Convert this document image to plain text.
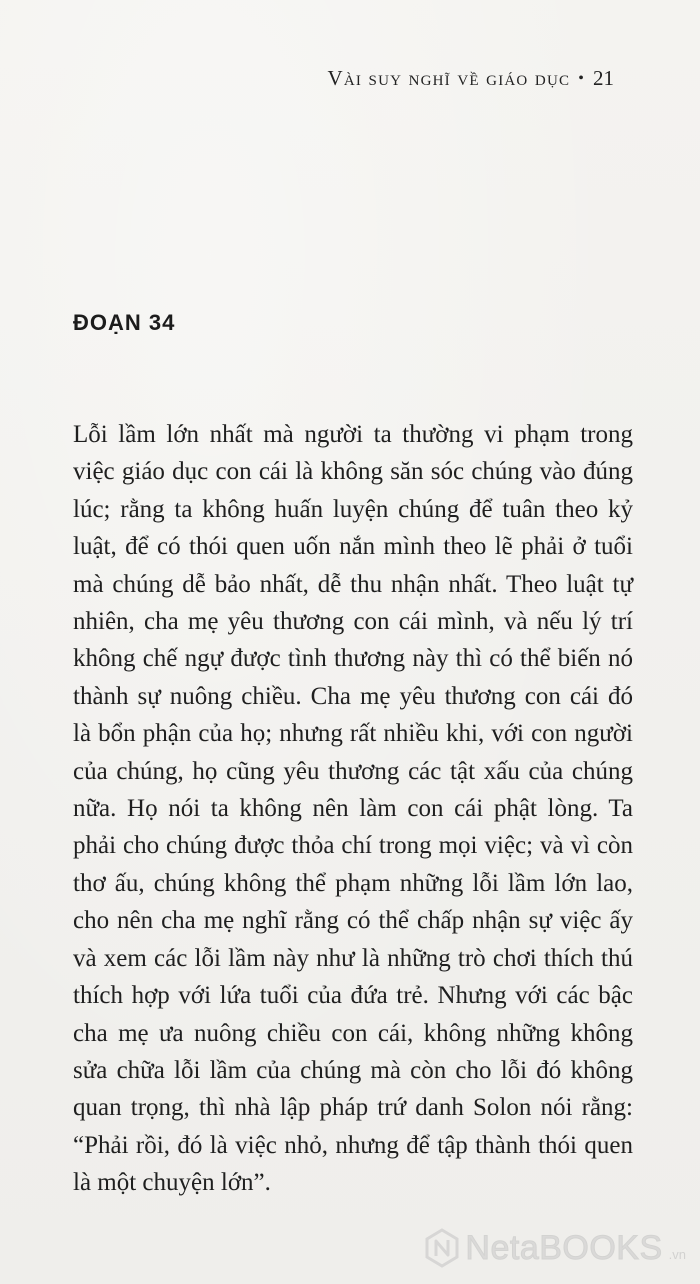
Vài suy nghĩ về giáo dục • 21
ĐOẠN 34

Lỗi lầm lớn nhất mà người ta thường vi phạm trong
việc giáo dục con cái là không săn sóc chúng vào đúng
lúc; rằng ta không huấn luyện chúng để tuân theo kỷ
luật, để có thói quen uốn nắn mình theo lẽ phải ở tuổi
mà chúng dễ bảo nhất, dễ thu nhận nhất. Theo luật tự
nhiên, cha mẹ yêu thương con cái mình, và nếu lý trí
không chế ngự được tình thương này thì có thể biến nó
thành sự nuông chiều. Cha mẹ yêu thương con cái đó
là bổn phận của họ; nhưng rất nhiều khi, với con người
của chúng, họ cũng yêu thương các tật xấu của chúng
nữa. Họ nói ta không nên làm con cái phật lòng. Ta
phải cho chúng được thỏa chí trong mọi việc; và vì còn
thơ ấu, chúng không thể phạm những lỗi lầm lớn lao,
cho nên cha mẹ nghĩ rằng có thể chấp nhận sự việc ấy
và xem các lỗi lầm này như là những trò chơi thích thú
thích hợp với lứa tuổi của đứa trẻ. Nhưng với các bậc
cha mẹ ưa nuông chiều con cái, không những không
sửa chữa lỗi lầm của chúng mà còn cho lỗi đó không
quan trọng, thì nhà lập pháp trứ danh Solon nói rằng:
“Phải rồi, đó là việc nhỏ, nhưng để tập thành thói quen
là một chuyện lớn”.

NetaBOOKS .vn
